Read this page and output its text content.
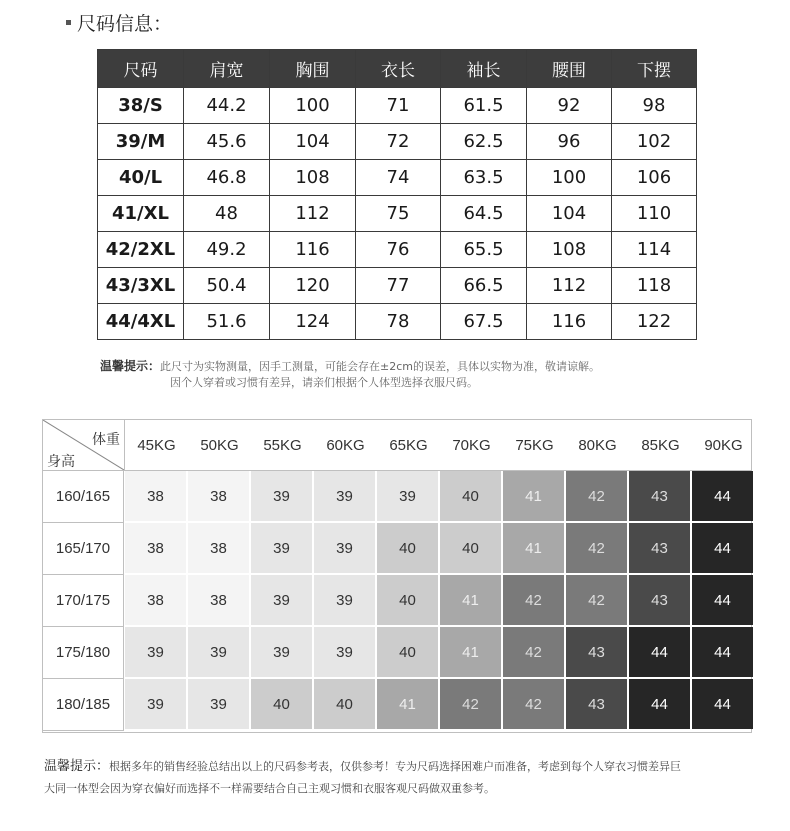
尺码信息：
尺码	肩宽	胸围	衣长	袖长	腰围	下摆
38/S	44.2	100	71	61.5	92	98
39/M	45.6	104	72	62.5	96	102
40/L	46.8	108	74	63.5	100	106
41/XL	48	112	75	64.5	104	110
42/2XL	49.2	116	76	65.5	108	114
43/3XL	50.4	120	77	66.5	112	118
44/4XL	51.6	124	78	67.5	116	122
温馨提示：此尺寸为实物测量，因手工测量，可能会存在±2cm的误差，具体以实物为准，敬请谅解。
因个人穿着或习惯有差异，请亲们根据个人体型选择衣服尺码。
体重
身高
45KG	50KG	55KG	60KG	65KG	70KG	75KG	80KG	85KG	90KG
160/165	38	38	39	39	39	40	41	42	43	44
165/170	38	38	39	39	40	40	41	42	43	44
170/175	38	38	39	39	40	41	42	42	43	44
175/180	39	39	39	39	40	41	42	43	44	44
180/185	39	39	40	40	41	42	42	43	44	44
温馨提示：根据多年的销售经验总结出以上的尺码参考表，仅供参考！专为尺码选择困难户而准备，考虑到每个人穿衣习惯差异巨
大同一体型会因为穿衣偏好而选择不一样需要结合自己主观习惯和衣服客观尺码做双重参考。
